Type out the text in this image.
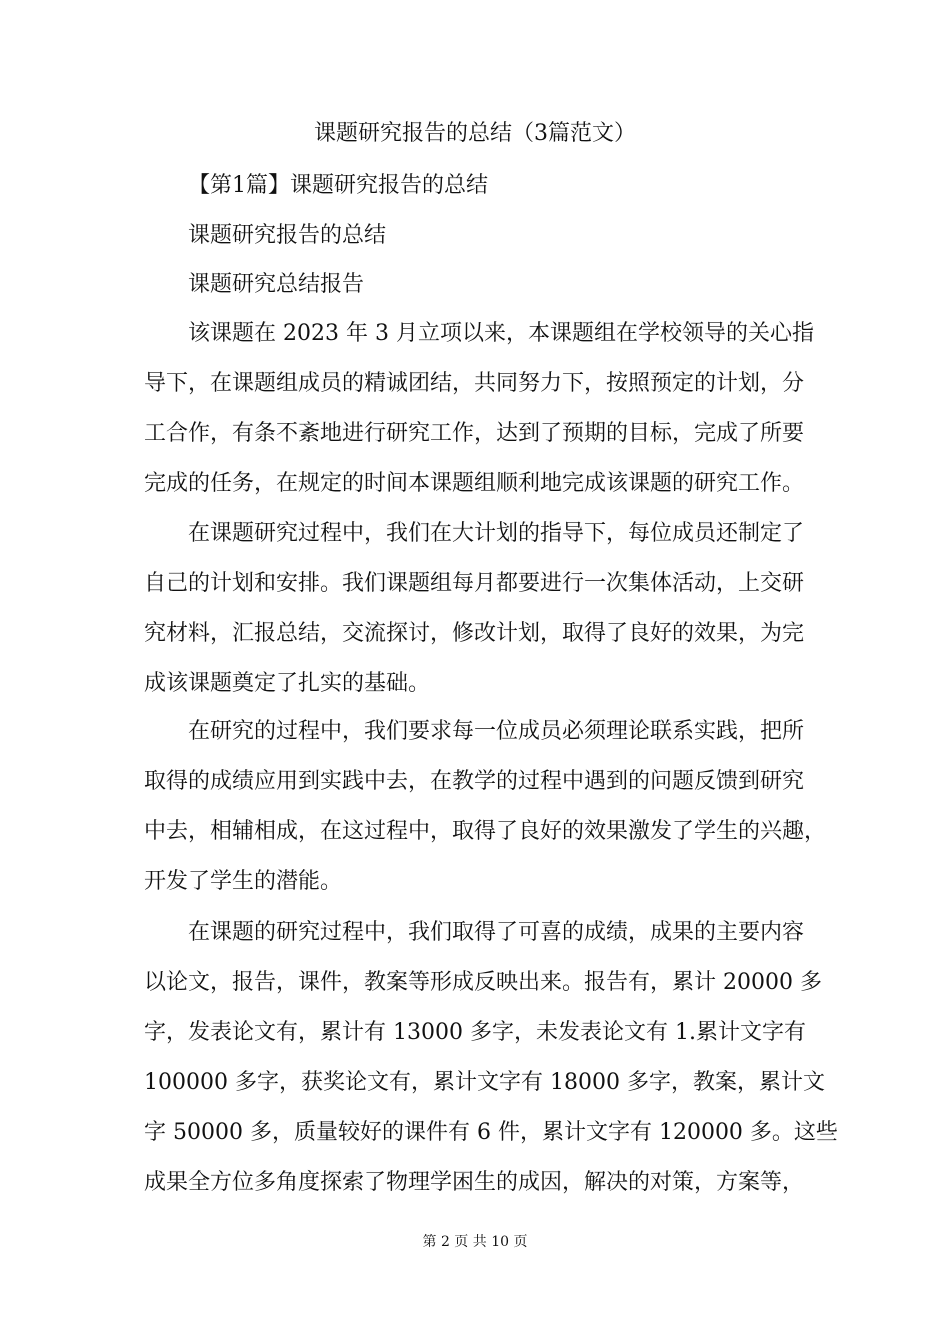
课题研究报告的总结（3篇范文）
【第1篇】课题研究报告的总结
课题研究报告的总结
课题研究总结报告
该课题在 2023 年 3 月立项以来，本课题组在学校领导的关心指
导下，在课题组成员的精诚团结，共同努力下，按照预定的计划，分
工合作，有条不紊地进行研究工作，达到了预期的目标，完成了所要
完成的任务，在规定的时间本课题组顺利地完成该课题的研究工作。
在课题研究过程中，我们在大计划的指导下，每位成员还制定了
自己的计划和安排。我们课题组每月都要进行一次集体活动，上交研
究材料，汇报总结，交流探讨，修改计划，取得了良好的效果，为完
成该课题奠定了扎实的基础。
在研究的过程中，我们要求每一位成员必须理论联系实践，把所
取得的成绩应用到实践中去，在教学的过程中遇到的问题反馈到研究
中去，相辅相成，在这过程中，取得了良好的效果激发了学生的兴趣，
开发了学生的潜能。
在课题的研究过程中，我们取得了可喜的成绩，成果的主要内容
以论文，报告，课件，教案等形成反映出来。报告有，累计 20000 多
字，发表论文有，累计有 13000 多字，未发表论文有 1.累计文字有
100000 多字，获奖论文有，累计文字有 18000 多字，教案，累计文
字 50000 多，质量较好的课件有 6 件，累计文字有 120000 多。这些
成果全方位多角度探索了物理学困生的成因，解决的对策，方案等，
第 2 页 共 10 页
